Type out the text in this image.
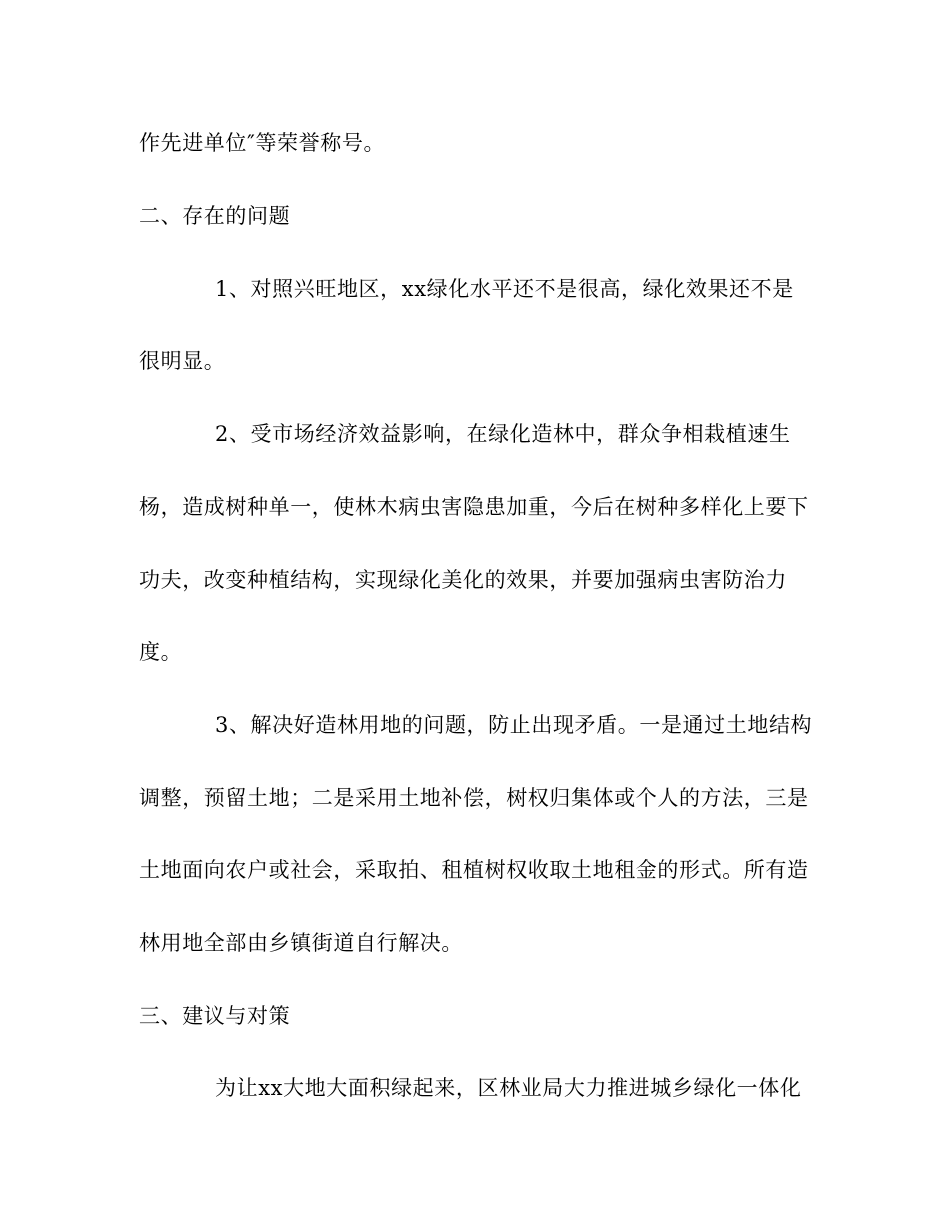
作先进单位″等荣誉称号。
二、存在的问题
1、对照兴旺地区，xx绿化水平还不是很高，绿化效果还不是
很明显。
2、受市场经济效益影响，在绿化造林中，群众争相栽植速生
杨，造成树种单一，使林木病虫害隐患加重，今后在树种多样化上要下
功夫，改变种植结构，实现绿化美化的效果，并要加强病虫害防治力
度。
3、解决好造林用地的问题，防止出现矛盾。一是通过土地结构
调整，预留土地；二是采用土地补偿，树权归集体或个人的方法，三是
土地面向农户或社会，采取拍、租植树权收取土地租金的形式。所有造
林用地全部由乡镇街道自行解决。
三、建议与对策
为让xx大地大面积绿起来，区林业局大力推进城乡绿化一体化
